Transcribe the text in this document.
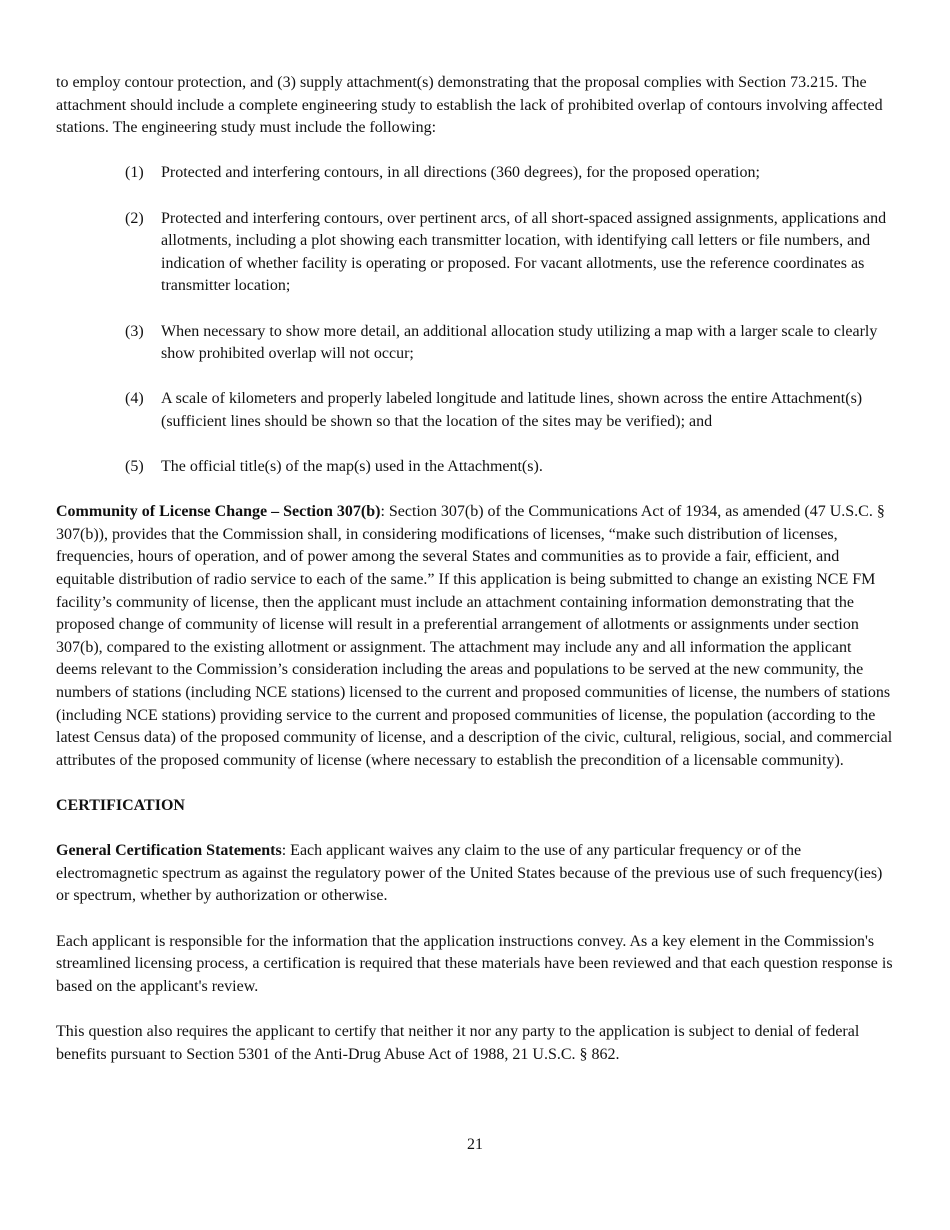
to employ contour protection, and (3) supply attachment(s) demonstrating that the proposal complies with Section 73.215. The attachment should include a complete engineering study to establish the lack of prohibited overlap of contours involving affected stations. The engineering study must include the following:

(1)	Protected and interfering contours, in all directions (360 degrees), for the proposed operation;
(2)	Protected and interfering contours, over pertinent arcs, of all short-spaced assigned assignments, applications and allotments, including a plot showing each transmitter location, with identifying call letters or file numbers, and indication of whether facility is operating or proposed. For vacant allotments, use the reference coordinates as transmitter location;
(3)	When necessary to show more detail, an additional allocation study utilizing a map with a larger scale to clearly show prohibited overlap will not occur;
(4)	A scale of kilometers and properly labeled longitude and latitude lines, shown across the entire Attachment(s) (sufficient lines should be shown so that the location of the sites may be verified); and
(5)	The official title(s) of the map(s) used in the Attachment(s).

Community of License Change – Section 307(b): Section 307(b) of the Communications Act of 1934, as amended (47 U.S.C. § 307(b)), provides that the Commission shall, in considering modifications of licenses, “make such distribution of licenses, frequencies, hours of operation, and of power among the several States and communities as to provide a fair, efficient, and equitable distribution of radio service to each of the same.” If this application is being submitted to change an existing NCE FM facility’s community of license, then the applicant must include an attachment containing information demonstrating that the proposed change of community of license will result in a preferential arrangement of allotments or assignments under section 307(b), compared to the existing allotment or assignment. The attachment may include any and all information the applicant deems relevant to the Commission’s consideration including the areas and populations to be served at the new community, the numbers of stations (including NCE stations) licensed to the current and proposed communities of license, the numbers of stations (including NCE stations) providing service to the current and proposed communities of license, the population (according to the latest Census data) of the proposed community of license, and a description of the civic, cultural, religious, social, and commercial attributes of the proposed community of license (where necessary to establish the precondition of a licensable community).

CERTIFICATION

General Certification Statements: Each applicant waives any claim to the use of any particular frequency or of the electromagnetic spectrum as against the regulatory power of the United States because of the previous use of such frequency(ies) or spectrum, whether by authorization or otherwise.

Each applicant is responsible for the information that the application instructions convey. As a key element in the Commission's streamlined licensing process, a certification is required that these materials have been reviewed and that each question response is based on the applicant's review.

This question also requires the applicant to certify that neither it nor any party to the application is subject to denial of federal benefits pursuant to Section 5301 of the Anti-Drug Abuse Act of 1988, 21 U.S.C. § 862.

21
